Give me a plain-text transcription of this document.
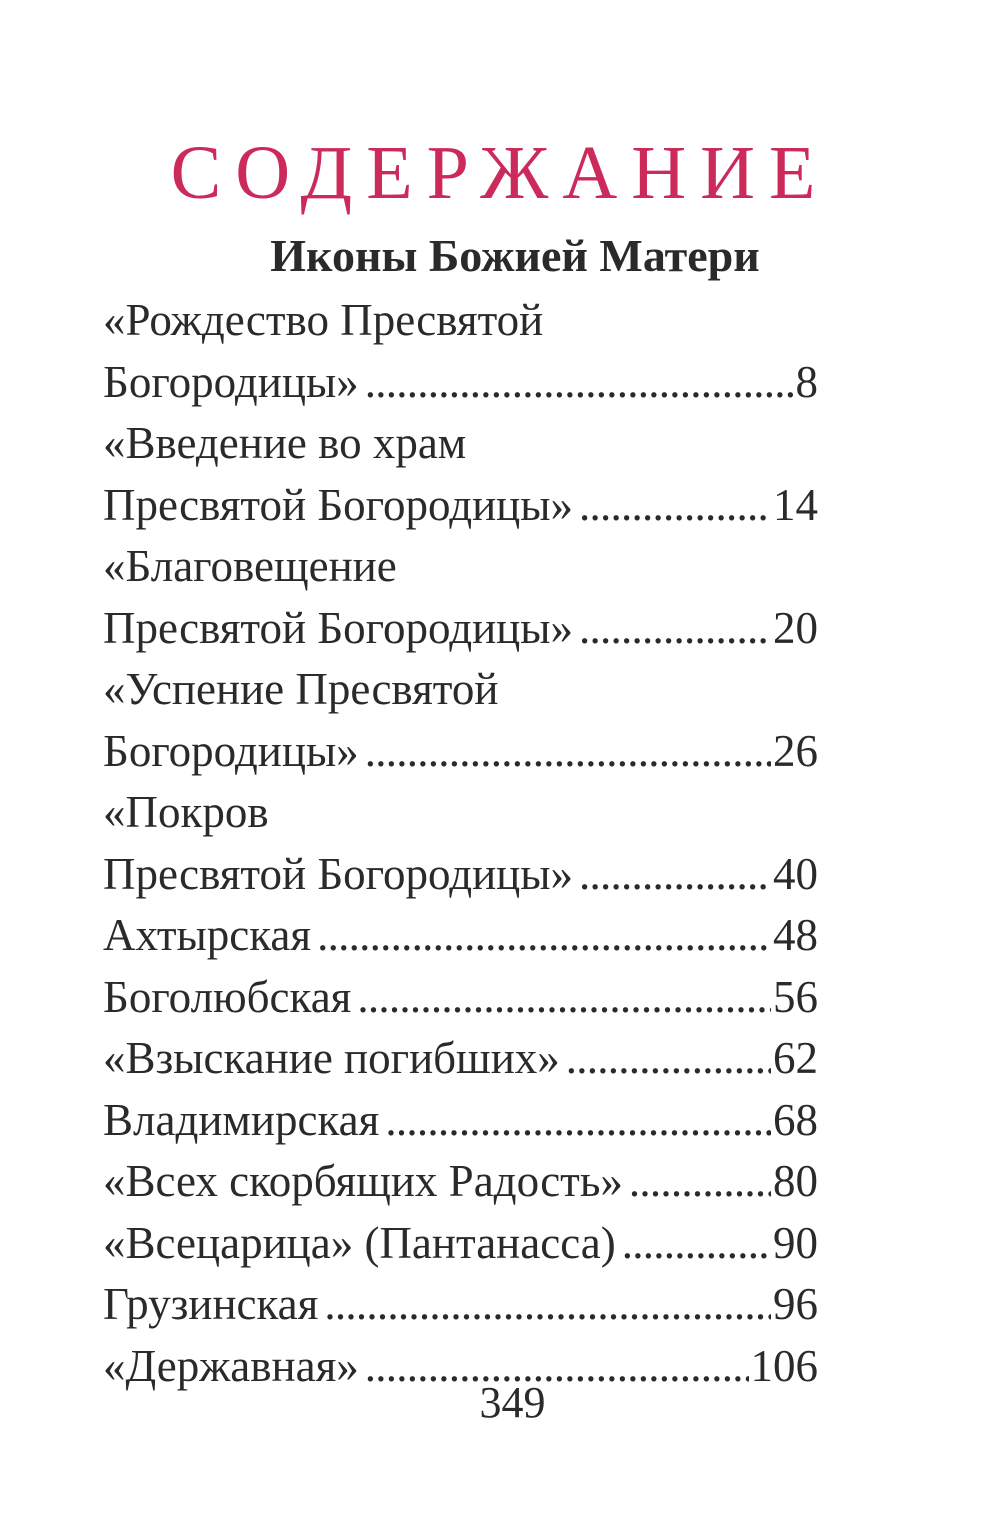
СОДЕРЖАНИЕ
Иконы Божией Матери
«Рождество Пресвятой
Богородицы» . . .	8
«Введение во храм
Пресвятой Богородицы» . . .	14
«Благовещение
Пресвятой Богородицы» . . .	20
«Успение Пресвятой
Богородицы» . . .	26
«Покров
Пресвятой Богородицы» . . .	40
Ахтырская . . .	48
Боголюбская . . .	56
«Взыскание погибших» . . .	62
Владимирская . . .	68
«Всех скорбящих Радость» . . .	80
«Всецарица» (Пантанасса) . . .	90
Грузинская . . .	96
«Державная» . . .	106
349
